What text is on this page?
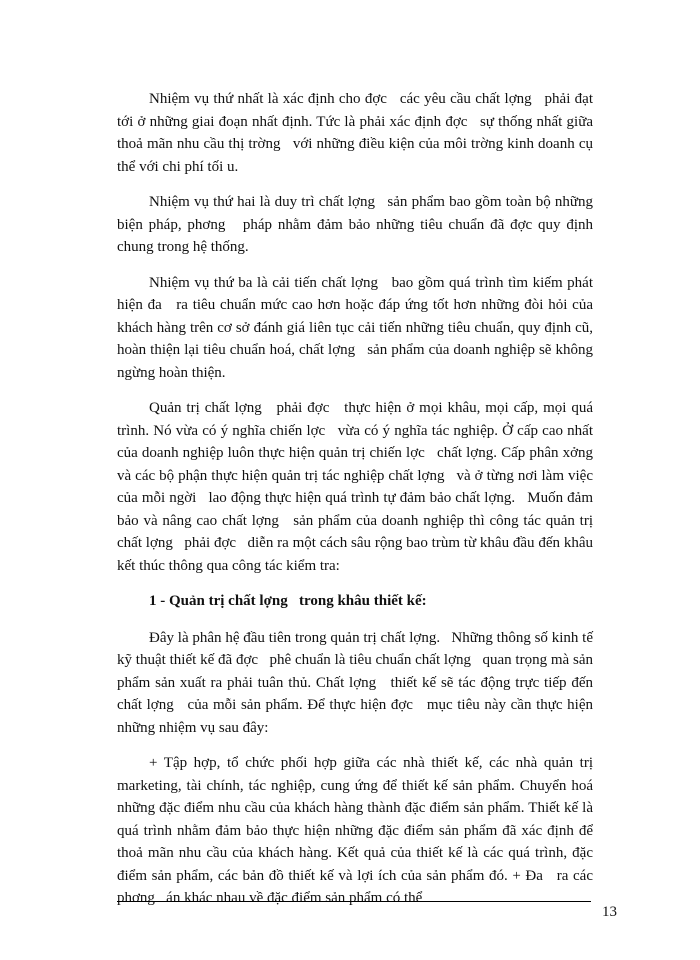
Nhiệm vụ thứ nhất là xác định cho đợc   các yêu cầu chất lợng   phải đạt tới ở những giai đoạn nhất định. Tức là phải xác định đợc   sự thống nhất giữa thoả mãn nhu cầu thị trờng   với những điều kiện của môi trờng kinh doanh cụ thể với chi phí tối u.

Nhiệm vụ thứ hai là duy trì chất lợng   sản phẩm bao gồm toàn bộ những biện pháp, phơng   pháp nhằm đảm bảo những tiêu chuẩn đã đợc quy định chung trong hệ thống.

Nhiệm vụ thứ ba là cải tiến chất lợng   bao gồm quá trình tìm kiếm phát hiện đa   ra tiêu chuẩn mức cao hơn hoặc đáp ứng tốt hơn những đòi hỏi của khách hàng trên cơ sở đánh giá liên tục cải tiến những tiêu chuẩn, quy định cũ, hoàn thiện lại tiêu chuẩn hoá, chất lợng   sản phẩm của doanh nghiệp sẽ không ngừng hoàn thiện.

Quản trị chất lợng   phải đợc   thực hiện ở mọi khâu, mọi cấp, mọi quá trình. Nó vừa có ý nghĩa chiến lợc   vừa có ý nghĩa tác nghiệp. Ở cấp cao nhất của doanh nghiệp luôn thực hiện quản trị chiến lợc   chất lợng. Cấp phân xởng   và các bộ phận thực hiện quản trị tác nghiệp chất lợng   và ở từng nơi làm việc của mỗi ngời   lao động thực hiện quá trình tự đảm bảo chất lợng.   Muốn đảm bảo và nâng cao chất lợng   sản phẩm của doanh nghiệp thì công tác quản trị chất lợng   phải đợc   diễn ra một cách sâu rộng bao trùm từ khâu đầu đến khâu kết thúc thông qua công tác kiểm tra:

1 - Quản trị chất lợng   trong khâu thiết kế:

Đây là phân hệ đầu tiên trong quản trị chất lợng.   Những thông số kinh tế kỹ thuật thiết kế đã đợc   phê chuẩn là tiêu chuẩn chất lợng   quan trọng mà sản phẩm sản xuất ra phải tuân thủ. Chất lợng   thiết kế sẽ tác động trực tiếp đến chất lợng   của mỗi sản phẩm. Để thực hiện đợc   mục tiêu này cần thực hiện những nhiệm vụ sau đây:

+ Tập hợp, tổ chức phối hợp giữa các nhà thiết kế, các nhà quản trị marketing, tài chính, tác nghiệp, cung ứng để thiết kế sản phẩm. Chuyển hoá những đặc điểm nhu cầu của khách hàng thành đặc điểm sản phẩm. Thiết kế là quá trình nhằm đảm bảo thực hiện những đặc điểm sản phẩm đã xác định để thoả mãn nhu cầu của khách hàng. Kết quả của thiết kế là các quá trình, đặc điểm sản phẩm, các bản đồ thiết kế và lợi ích của sản phẩm đó. + Đa   ra các phơng   án khác nhau về đặc điểm sản phẩm có thể

13
